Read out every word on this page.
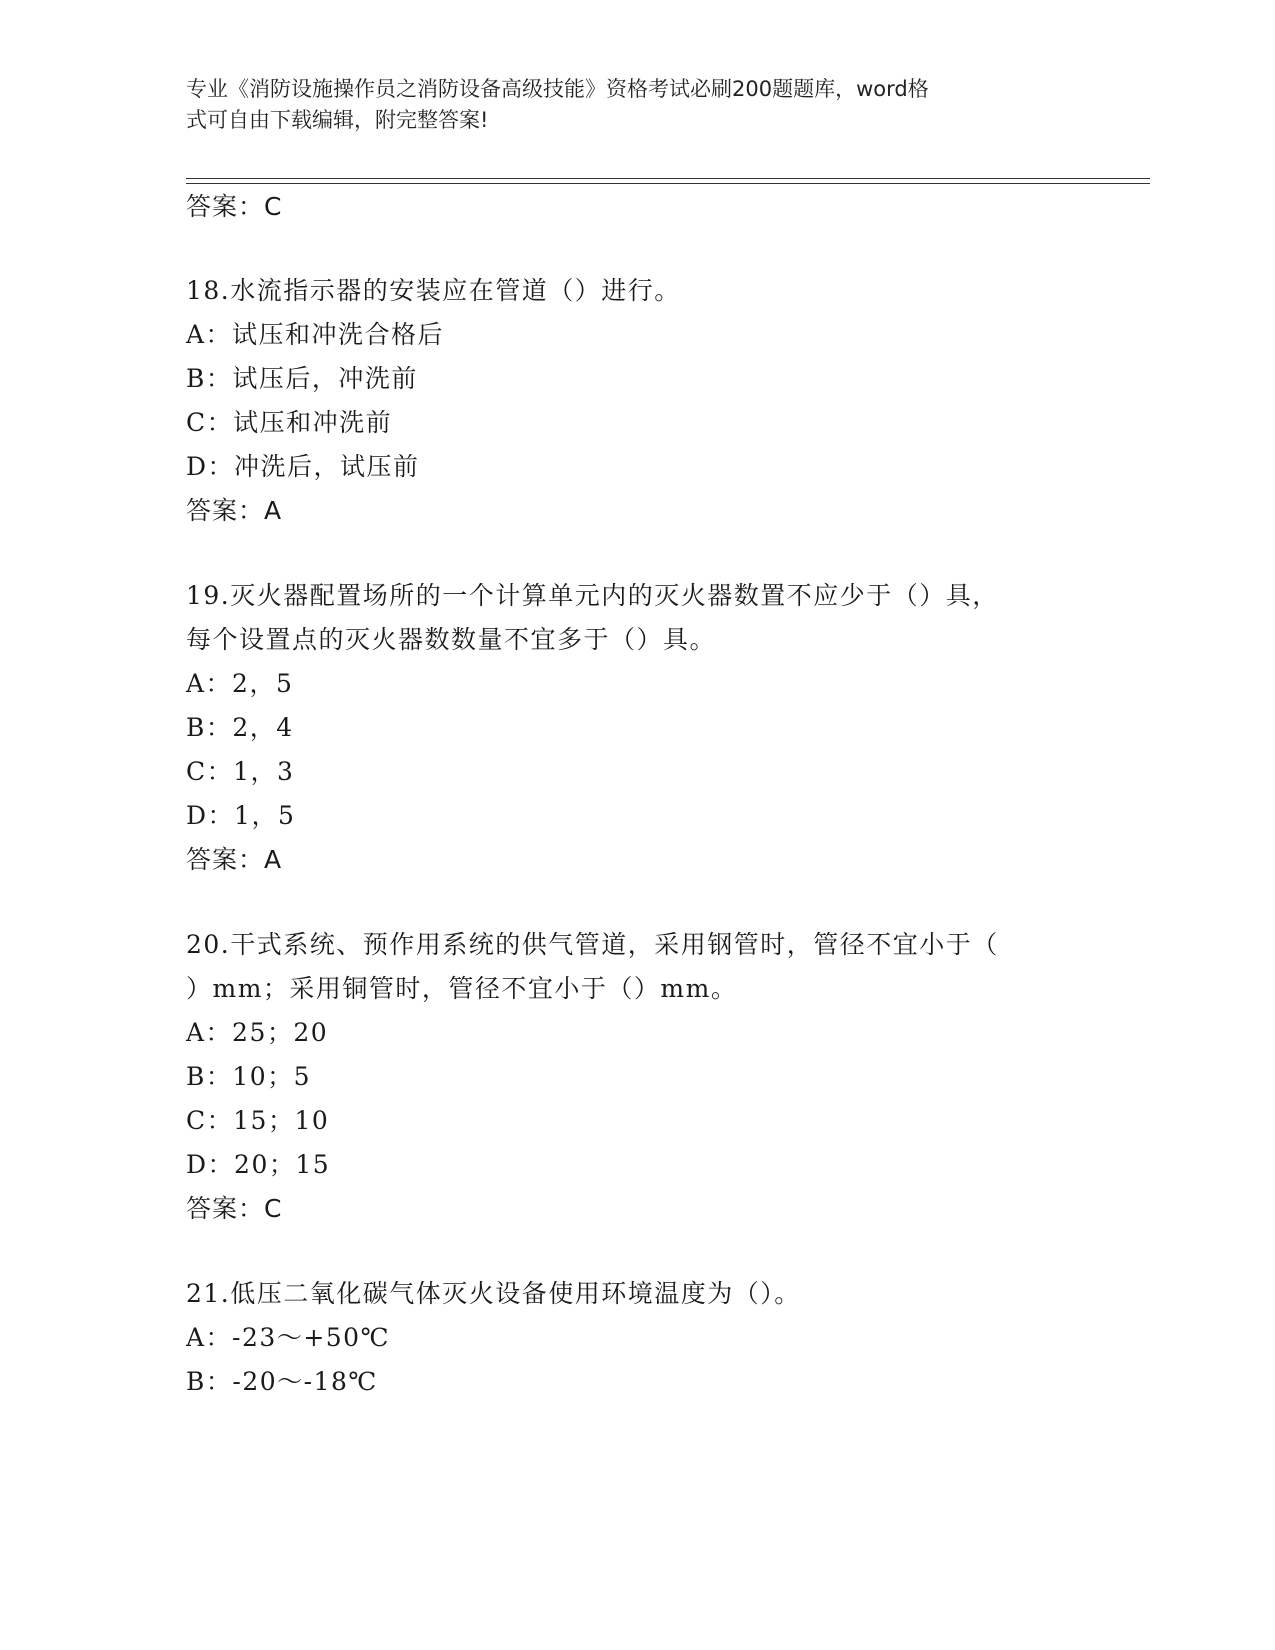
专业《消防设施操作员之消防设备高级技能》资格考试必刷200题题库，word格
式可自由下载编辑，附完整答案!
答案：C
18.水流指示器的安装应在管道（）进行。
A：试压和冲洗合格后
B：试压后，冲洗前
C：试压和冲洗前
D：冲洗后，试压前
答案：A
19.灭火器配置场所的一个计算单元内的灭火器数置不应少于（）具，
每个设置点的灭火器数数量不宜多于（）具。
A：2，5
B：2，4
C：1，3
D：1，5
答案：A
20.干式系统、预作用系统的供气管道，采用钢管时，管径不宜小于（
）mm；采用铜管时，管径不宜小于（）mm。
A：25；20
B：10；5
C：15；10
D：20；15
答案：C
21.低压二氧化碳气体灭火设备使用环境温度为（）。
A：-23～+50℃
B：-20～-18℃
